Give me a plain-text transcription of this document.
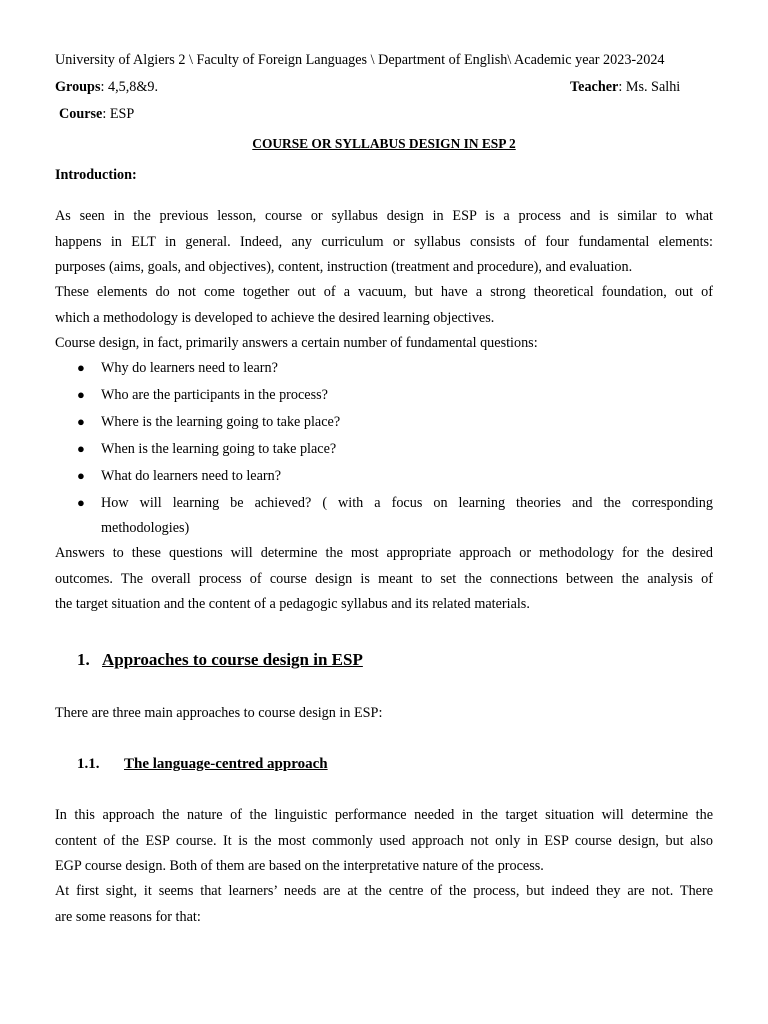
University of Algiers 2 \ Faculty of Foreign Languages \ Department of English\ Academic year 2023-2024
Groups: 4,5,8&9.	Teacher: Ms. Salhi
Course: ESP
COURSE OR SYLLABUS DESIGN IN ESP 2
Introduction:
As seen in the previous lesson, course or syllabus design in ESP is a process and is similar to what
happens in ELT in general. Indeed, any curriculum or syllabus consists of four fundamental elements:
purposes (aims, goals, and objectives), content, instruction (treatment and procedure), and evaluation.
These elements do not come together out of a vacuum, but have a strong theoretical foundation, out of
which a methodology is developed to achieve the desired learning objectives.
Course design, in fact, primarily answers a certain number of fundamental questions:
● Why do learners need to learn?
● Who are the participants in the process?
● Where is the learning going to take place?
● When is the learning going to take place?
● What do learners need to learn?
● How will learning be achieved? ( with a focus on learning theories and the corresponding
methodologies)
Answers to these questions will determine the most appropriate approach or methodology for the desired
outcomes. The overall process of course design is meant to set the connections between the analysis of
the target situation and the content of a pedagogic syllabus and its related materials.
1. Approaches to course design in ESP
There are three main approaches to course design in ESP:
1.1. The language-centred approach
In this approach the nature of the linguistic performance needed in the target situation will determine the
content of the ESP course. It is the most commonly used approach not only in ESP course design, but also
EGP course design. Both of them are based on the interpretative nature of the process.
At first sight, it seems that learners’ needs are at the centre of the process, but indeed they are not. There
are some reasons for that:
